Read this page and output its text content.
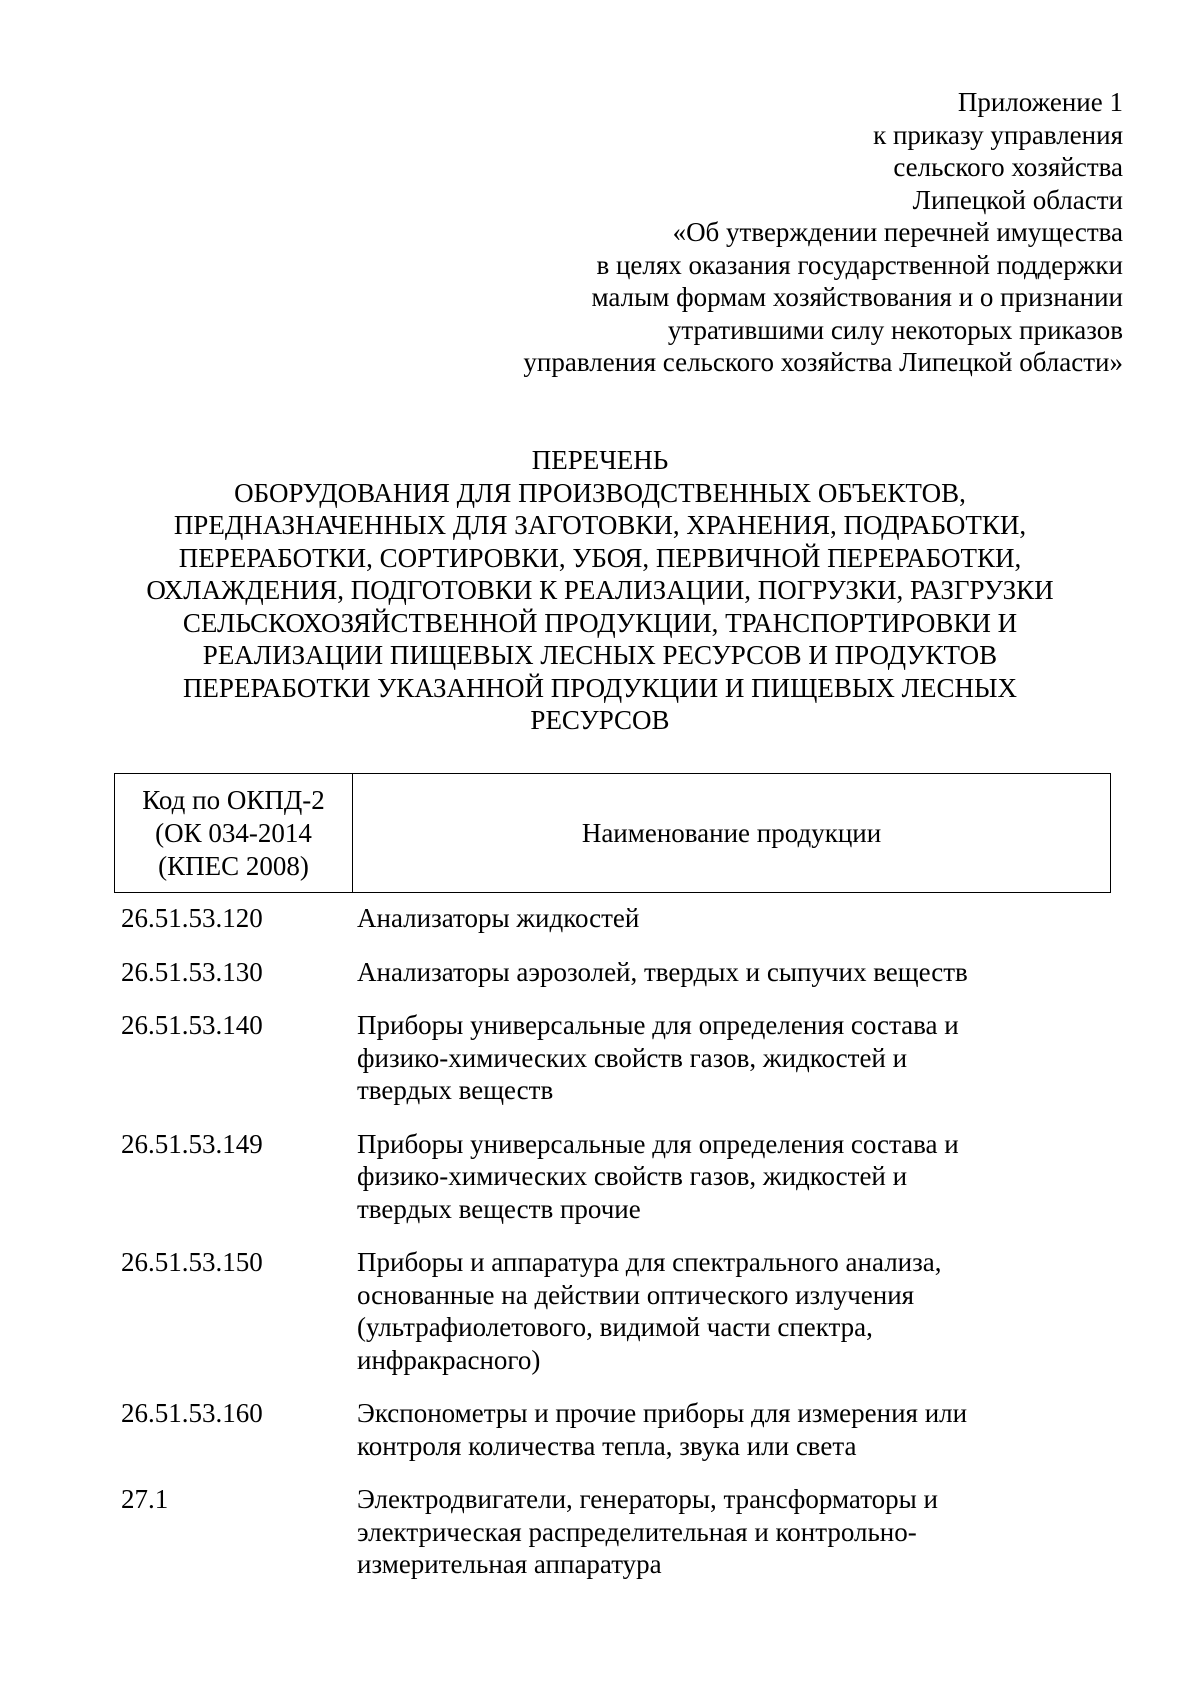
Приложение 1
к приказу управления
сельского хозяйства
Липецкой области
«Об утверждении перечней имущества
в целях оказания государственной поддержки
малым формам хозяйствования и о признании
утратившими силу некоторых приказов
управления сельского хозяйства Липецкой области»
ПЕРЕЧЕНЬ
ОБОРУДОВАНИЯ ДЛЯ ПРОИЗВОДСТВЕННЫХ ОБЪЕКТОВ,
ПРЕДНАЗНАЧЕННЫХ ДЛЯ ЗАГОТОВКИ, ХРАНЕНИЯ, ПОДРАБОТКИ,
ПЕРЕРАБОТКИ, СОРТИРОВКИ, УБОЯ, ПЕРВИЧНОЙ ПЕРЕРАБОТКИ,
ОХЛАЖДЕНИЯ, ПОДГОТОВКИ К РЕАЛИЗАЦИИ, ПОГРУЗКИ, РАЗГРУЗКИ
СЕЛЬСКОХОЗЯЙСТВЕННОЙ ПРОДУКЦИИ, ТРАНСПОРТИРОВКИ И
РЕАЛИЗАЦИИ ПИЩЕВЫХ ЛЕСНЫХ РЕСУРСОВ И ПРОДУКТОВ
ПЕРЕРАБОТКИ УКАЗАННОЙ ПРОДУКЦИИ И ПИЩЕВЫХ ЛЕСНЫХ
РЕСУРСОВ
Код по ОКПД-2
(ОК 034-2014
(КПЕС 2008)
Наименование продукции
26.51.53.120	Анализаторы жидкостей
26.51.53.130	Анализаторы аэрозолей, твердых и сыпучих веществ
26.51.53.140	Приборы универсальные для определения состава и
физико-химических свойств газов, жидкостей и
твердых веществ
26.51.53.149	Приборы универсальные для определения состава и
физико-химических свойств газов, жидкостей и
твердых веществ прочие
26.51.53.150	Приборы и аппаратура для спектрального анализа,
основанные на действии оптического излучения
(ультрафиолетового, видимой части спектра,
инфракрасного)
26.51.53.160	Экспонометры и прочие приборы для измерения или
контроля количества тепла, звука или света
27.1	Электродвигатели, генераторы, трансформаторы и
электрическая распределительная и контрольно-
измерительная аппаратура
